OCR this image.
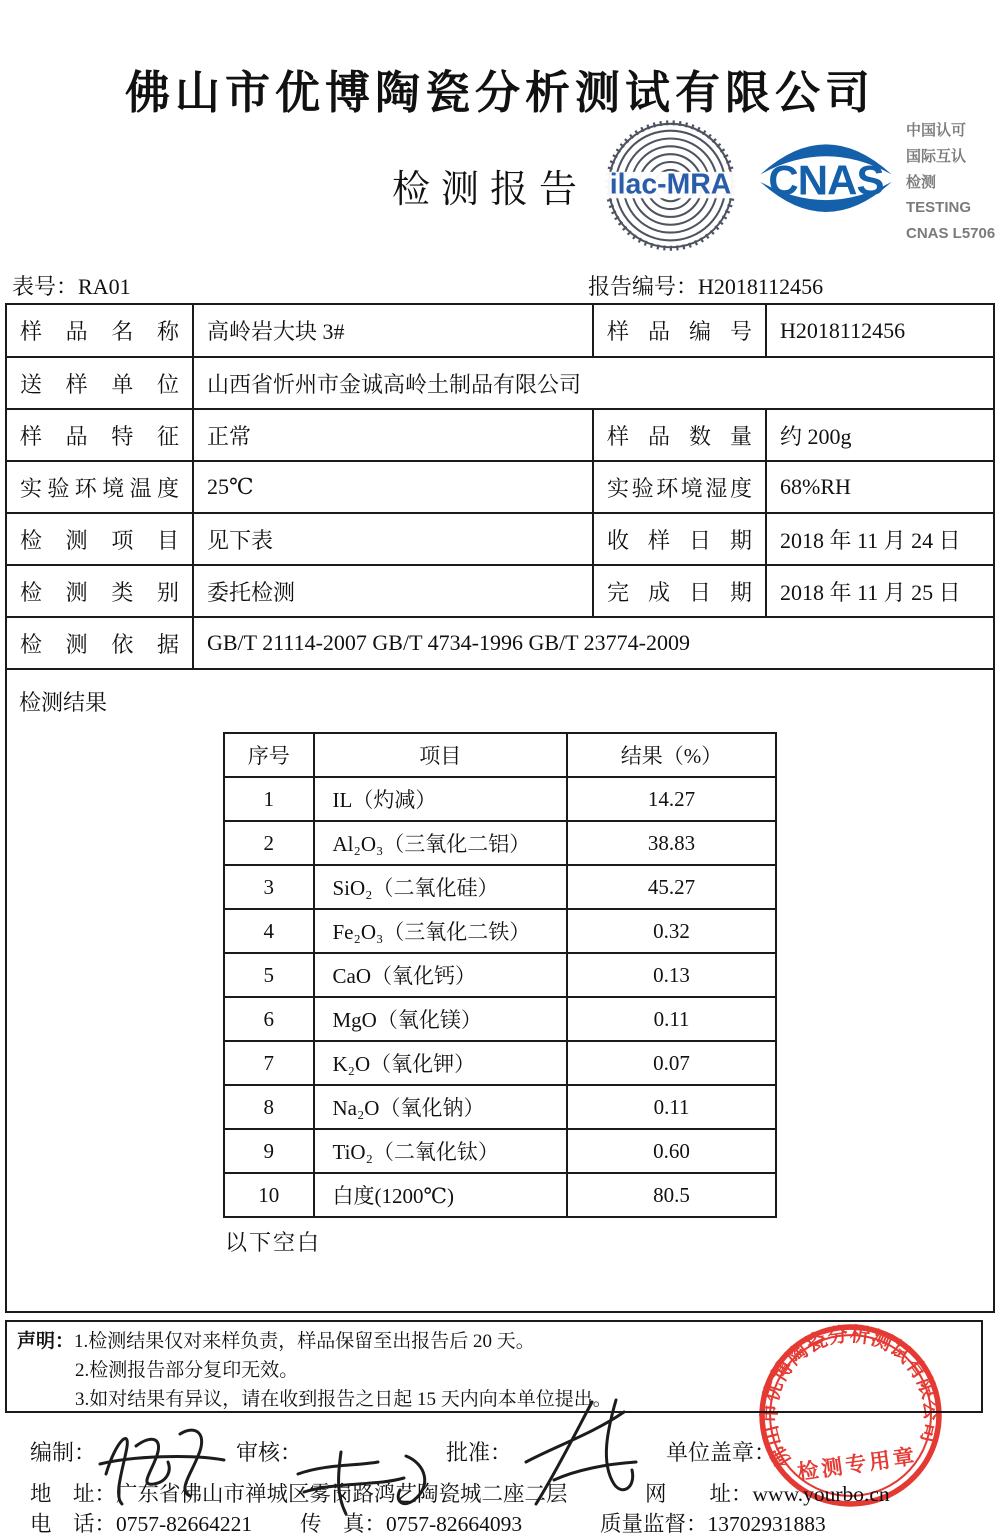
佛山市优博陶瓷分析测试有限公司
检测报告 ilac-MRA CNAS
中国认可
国际互认
检测
TESTING
CNAS L5706
表号：RA01	报告编号：H2018112456
样品名称	高岭岩大块 3#	样品编号	H2018112456
送样单位	山西省忻州市金诚高岭土制品有限公司		
样品特征	正常	样品数量	约 200g
实验环境温度	25℃	实验环境湿度	68%RH
检测项目	见下表	收样日期	2018 年 11 月 24 日
检测类别	委托检测	完成日期	2018 年 11 月 25 日
检测依据	GB/T 21114-2007 GB/T 4734-1996 GB/T 23774-2009		
检测结果
序号	项目	结果（%）
1	IL（灼减）	14.27
2	Al₂O₃（三氧化二铝）	38.83
3	SiO₂（二氧化硅）	45.27
4	Fe₂O₃（三氧化二铁）	0.32
5	CaO（氧化钙）	0.13
6	MgO（氧化镁）	0.11
7	K₂O（氧化钾）	0.07
8	Na₂O（氧化钠）	0.11
9	TiO₂（二氧化钛）	0.60
10	白度(1200℃)	80.5
以下空白
声明： 1.检测结果仅对来样负责，样品保留至出报告后 20 天。
2.检测报告部分复印无效。
3.如对结果有异议，请在收到报告之日起 15 天内向本单位提出。
编制：	审核：	批准：	单位盖章：
佛山市优博陶瓷分析测试有限公司
检测专用章
地　址：广东省佛山市禅城区雾岗路鸿艺陶瓷城二座二层	网　　址：www.yourbo.cn
电　话：0757-82664221 传　真：0757-82664093	质量监督：13702931883
